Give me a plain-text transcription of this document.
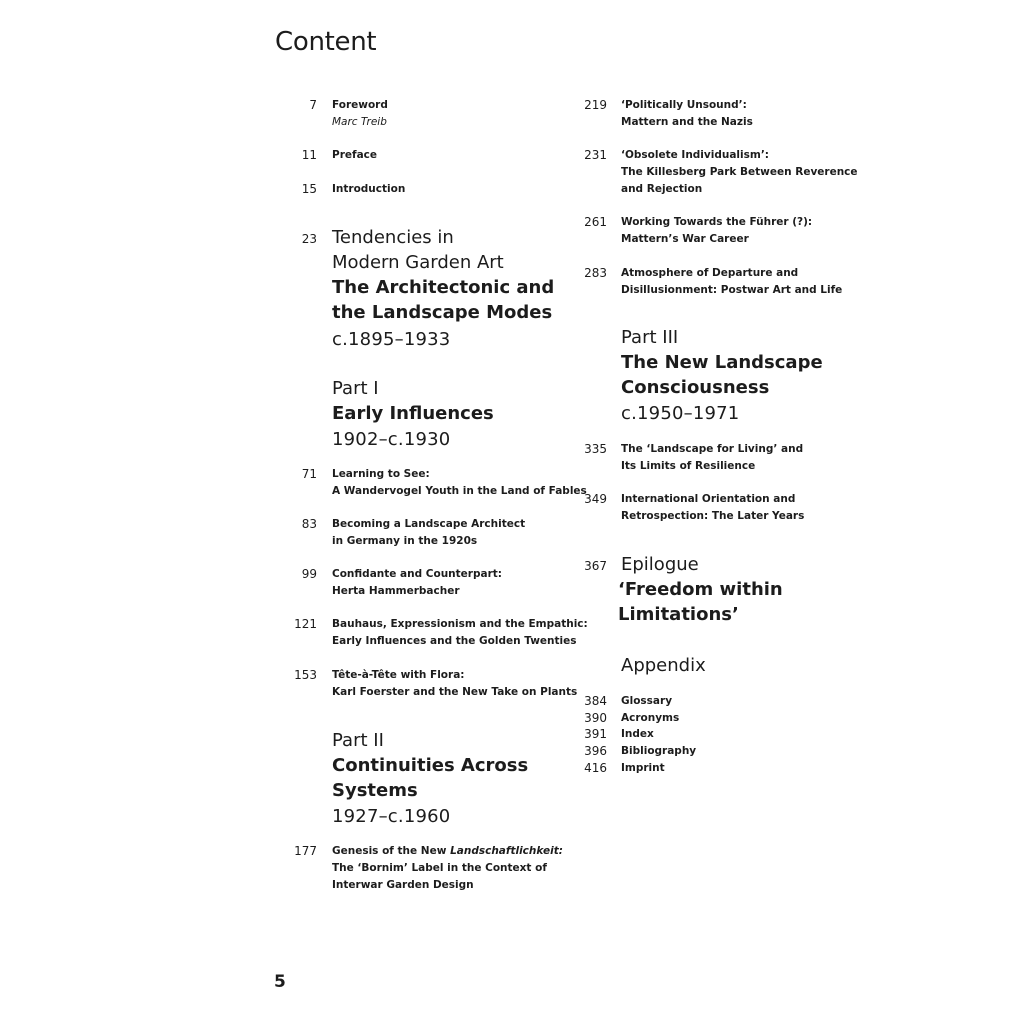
Content
7 Foreword
Marc Treib
11 Preface
15 Introduction
23 Tendencies in
Modern Garden Art
The Architectonic and
the Landscape Modes
c.1895–1933
Part I
Early Influences
1902–c.1930
71 Learning to See:
A Wandervogel Youth in the Land of Fables
83 Becoming a Landscape Architect
in Germany in the 1920s
99 Confidante and Counterpart:
Herta Hammerbacher
121 Bauhaus, Expressionism and the Empathic:
Early Influences and the Golden Twenties
153 Tête-à-Tête with Flora:
Karl Foerster and the New Take on Plants
Part II
Continuities Across
Systems
1927–c.1960
177 Genesis of the New Landschaftlichkeit:
The ‘Bornim’ Label in the Context of
Interwar Garden Design
219 ‘Politically Unsound’:
Mattern and the Nazis
231 ‘Obsolete Individualism’:
The Killesberg Park Between Reverence
and Rejection
261 Working Towards the Führer (?):
Mattern’s War Career
283 Atmosphere of Departure and
Disillusionment: Postwar Art and Life
Part III
The New Landscape
Consciousness
c.1950–1971
335 The ‘Landscape for Living’ and
Its Limits of Resilience
349 International Orientation and
Retrospection: The Later Years
367 Epilogue
‘Freedom within
Limitations’
Appendix
384 Glossary
390 Acronyms
391 Index
396 Bibliography
416 Imprint
5
